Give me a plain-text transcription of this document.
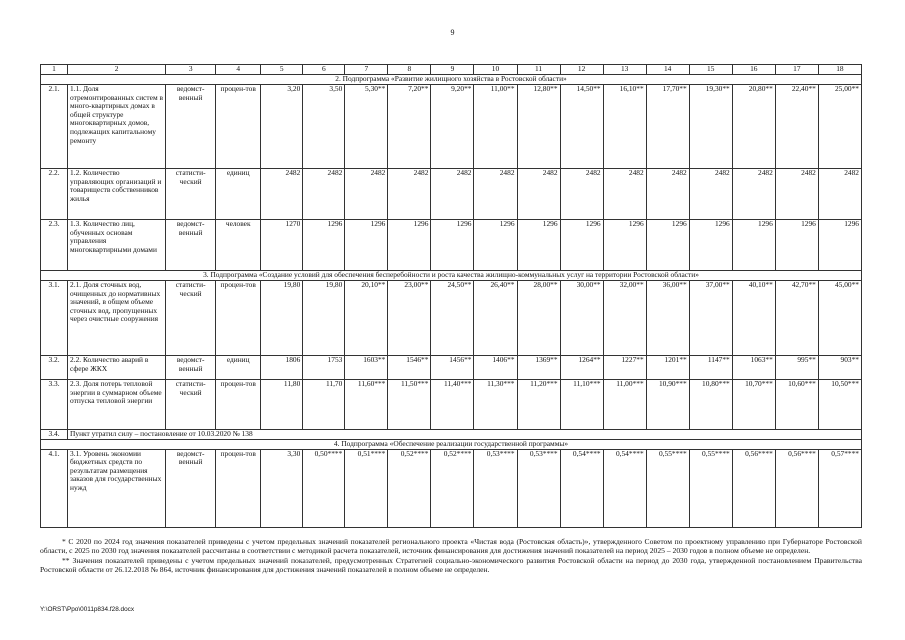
9
1	2	3	4	5	6	7	8	9	10	11	12	13	14	15	16	17	18
2. Подпрограмма «Развитие жилищного хозяйства в Ростовской области»																	
2.1.	1.1. Доля отремонтированных систем в много-квартирных домах в общей структуре многоквартирных домов, подлежащих капитальному ремонту	ведомст-венный	процен-тов	3,20	3,50	5,30**	7,20**	9,20**	11,00**	12,80**	14,50**	16,10**	17,70**	19,30**	20,80**	22,40**	25,00**
2.2.	1.2. Количество управляющих организаций и товариществ собственников жилья	статисти-ческий	единиц	2482	2482	2482	2482	2482	2482	2482	2482	2482	2482	2482	2482	2482	2482
2.3.	1.3. Количество лиц, обученных основам управления многоквартирными домами	ведомст-венный	человек	1270	1296	1296	1296	1296	1296	1296	1296	1296	1296	1296	1296	1296	1296
3. Подпрограмма «Создание условий для обеспечения бесперебойности и роста качества жилищно-коммунальных услуг на территории Ростовской области»																	
3.1.	2.1. Доля сточных вод, очищенных до нормативных значений, в общем объеме сточных вод, пропущенных через очистные сооружения	статисти-ческий	процен-тов	19,80	19,80	20,10**	23,00**	24,50**	26,40**	28,00**	30,00**	32,00**	36,00**	37,00**	40,10**	42,70**	45,00**
3.2.	2.2. Количество аварий в сфере ЖКХ	ведомст-венный	единиц	1806	1753	1603**	1546**	1456**	1406**	1369**	1264**	1227**	1201**	1147**	1063**	995**	903**
3.3.	2.3. Доля потерь тепловой энергии в суммарном объеме отпуска тепловой энергии	статисти-ческий	процен-тов	11,80	11,70	11,60***	11,50***	11,40***	11,30***	11,20***	11,10***	11,00***	10,90***	10,80***	10,70***	10,60***	10,50***
3.4.	Пункт утратил силу – постановление от 10.03.2020 № 138																
4. Подпрограмма «Обеспечение реализации государственной программы»																	
4.1.	3.1. Уровень экономии бюджетных средств по результатам размещения заказов для государственных нужд	ведомст-венный	процен-тов	3,30	0,50****	0,51****	0,52****	0,52****	0,53****	0,53****	0,54****	0,54****	0,55****	0,55****	0,56****	0,56****	0,57****

* С 2020 по 2024 год значения показателей приведены с учетом предельных значений показателей регионального проекта «Чистая вода (Ростовская область)», утвержденного Советом по проектному управлению при Губернаторе Ростовской области, с 2025 по 2030 год значения показателей рассчитаны в соответствии с методикой расчета показателей, источник финансирования для достижения значений показателей на период 2025 – 2030 годов в полном объеме не определен.

** Значения показателей приведены с учетом предельных значений показателей, предусмотренных Стратегией социально-экономического развития Ростовской области на период до 2030 года, утвержденной постановлением Правительства Ростовской области от 26.12.2018 № 864, источник финансирования для достижения значений показателей в полном объеме не определен.

Y:\ORST\Ppo\0011p834.f28.docx
